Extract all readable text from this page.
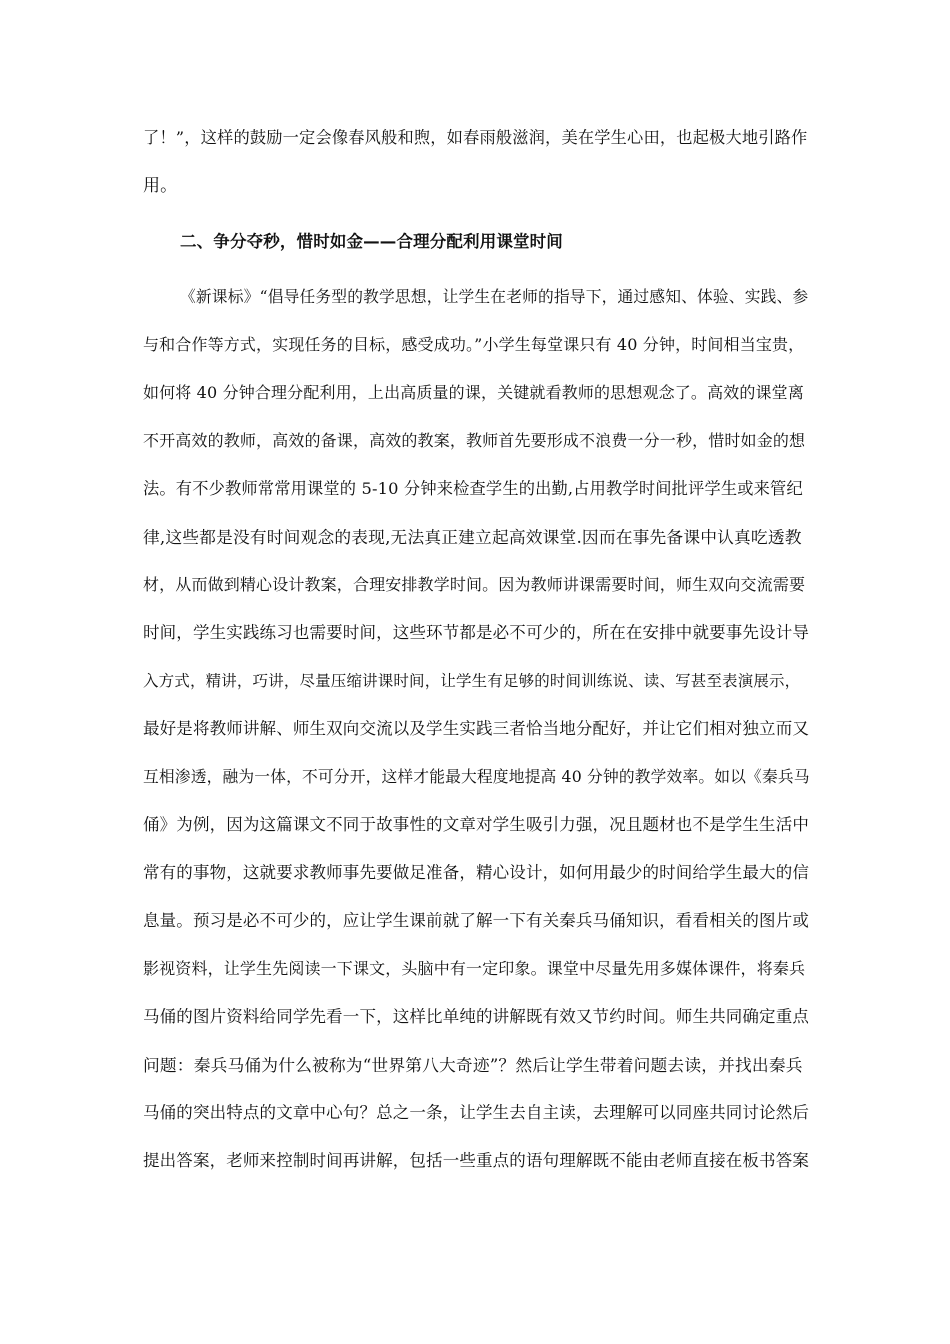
了！”，这样的鼓励一定会像春风般和煦，如春雨般滋润，美在学生心田，也起极大地引路作
用。
二、争分夺秒，惜时如金——合理分配利用课堂时间
《新课标》“倡导任务型的教学思想，让学生在老师的指导下，通过感知、体验、实践、参
与和合作等方式，实现任务的目标，感受成功。”小学生每堂课只有 40 分钟，时间相当宝贵，
如何将 40 分钟合理分配利用，上出高质量的课，关键就看教师的思想观念了。高效的课堂离
不开高效的教师，高效的备课，高效的教案，教师首先要形成不浪费一分一秒，惜时如金的想
法。有不少教师常常用课堂的 5-10 分钟来检查学生的出勤,占用教学时间批评学生或来管纪
律,这些都是没有时间观念的表现,无法真正建立起高效课堂.因而在事先备课中认真吃透教
材，从而做到精心设计教案，合理安排教学时间。因为教师讲课需要时间，师生双向交流需要
时间，学生实践练习也需要时间，这些环节都是必不可少的，所在在安排中就要事先设计导
入方式，精讲，巧讲，尽量压缩讲课时间，让学生有足够的时间训练说、读、写甚至表演展示，
最好是将教师讲解、师生双向交流以及学生实践三者恰当地分配好，并让它们相对独立而又
互相渗透，融为一体，不可分开，这样才能最大程度地提高 40 分钟的教学效率。如以《秦兵马
俑》为例，因为这篇课文不同于故事性的文章对学生吸引力强，况且题材也不是学生生活中
常有的事物，这就要求教师事先要做足准备，精心设计，如何用最少的时间给学生最大的信
息量。预习是必不可少的，应让学生课前就了解一下有关秦兵马俑知识，看看相关的图片或
影视资料，让学生先阅读一下课文，头脑中有一定印象。课堂中尽量先用多媒体课件，将秦兵
马俑的图片资料给同学先看一下，这样比单纯的讲解既有效又节约时间。师生共同确定重点
问题：秦兵马俑为什么被称为“世界第八大奇迹”？然后让学生带着问题去读，并找出秦兵
马俑的突出特点的文章中心句？总之一条，让学生去自主读，去理解可以同座共同讨论然后
提出答案，老师来控制时间再讲解，包括一些重点的语句理解既不能由老师直接在板书答案
